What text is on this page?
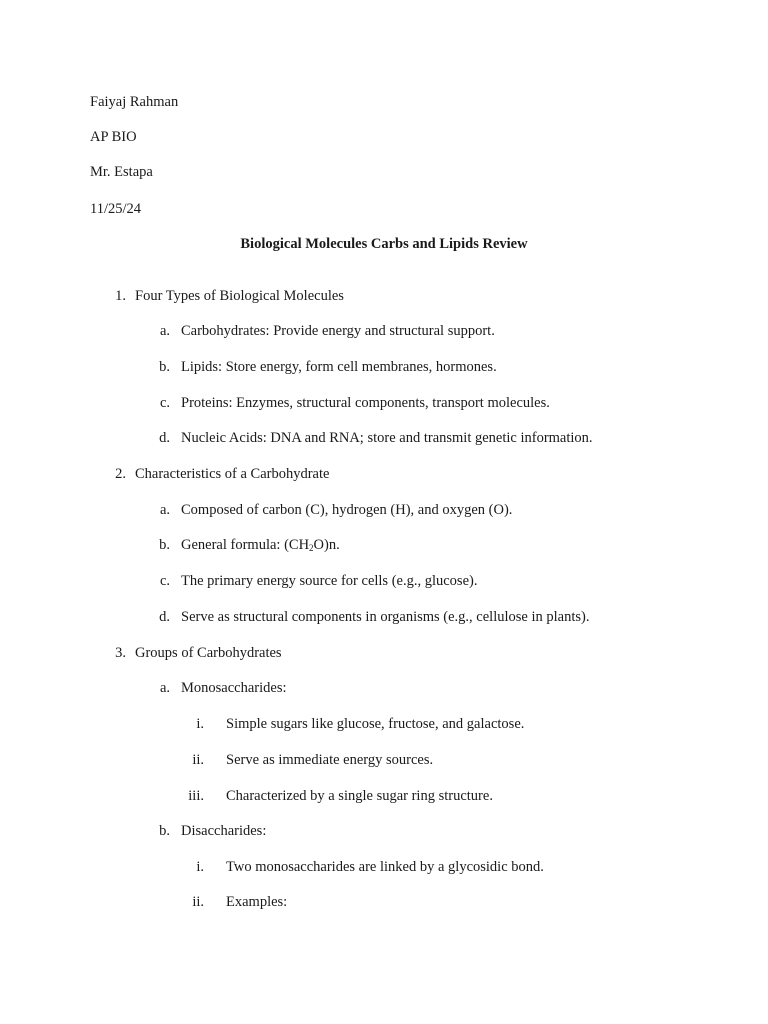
Faiyaj Rahman
AP BIO
Mr. Estapa
11/25/24
Biological Molecules Carbs and Lipids Review
1. Four Types of Biological Molecules
a. Carbohydrates: Provide energy and structural support.
b. Lipids: Store energy, form cell membranes, hormones.
c. Proteins: Enzymes, structural components, transport molecules.
d. Nucleic Acids: DNA and RNA; store and transmit genetic information.
2. Characteristics of a Carbohydrate
a. Composed of carbon (C), hydrogen (H), and oxygen (O).
b. General formula: $(CH_2O)n$.
c. The primary energy source for cells (e.g., glucose).
d. Serve as structural components in organisms (e.g., cellulose in plants).
3. Groups of Carbohydrates
a. Monosaccharides:
i. Simple sugars like glucose, fructose, and galactose.
ii. Serve as immediate energy sources.
iii. Characterized by a single sugar ring structure.
b. Disaccharides:
i. Two monosaccharides are linked by a glycosidic bond.
ii. Examples:
